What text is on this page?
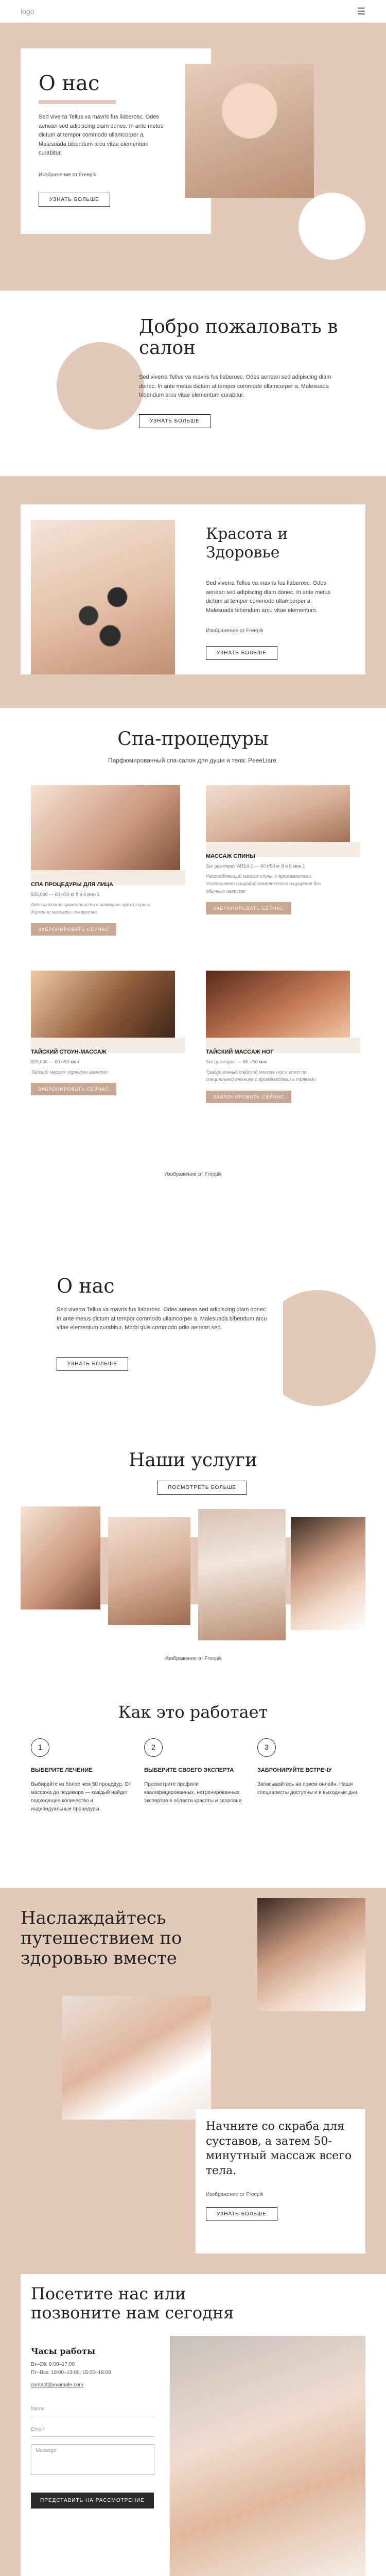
logo	☰
О нас

Sed viverra Tellus va mavris fus liaberosc. Odes aenean sed adipiscing diam donec. In ante metus dictum at tempor commodo ullamcorper a. Malesuada bibendum arcu vitae elementum curabitur.

Изображение от Freepik

УЗНАТЬ БОЛЬШЕ
Добро пожаловать в салон

Sed viverra Tellus va mavris fus liaberosc. Odes aenean sed adipiscing diam donec. In ante metus dictum at tempor commodo ullamcorper a. Malesuada bibendum arcu vitae elementum curabitur.

УЗНАТЬ БОЛЬШЕ
Красота и Здоровье

Sed viverra Tellus va mavris fus liaberosc. Odes aenean sed adipiscing diam donec. In ante metus dictum at tempor commodo ullamcorper a. Malesuada bibendum arcu vitae elementum.

Изображение от Freepik

УЗНАТЬ БОЛЬШЕ
Спа-процедуры

Парфюмированный спа-салон для души и тела: PeeeLiare.

СПА ПРОЦЕДУРЫ ДЛЯ ЛИЦА
$45,000 — 60 г/50 кг 8 и 6 мин 1
Апельсиновые ароматности с помощью ореха горечь Хорошие массажи, лекарство
ЗАБРОНИРОВАТЬ СЕЙЧАС
МАССАЖ СПИНЫ
Sur pas-impair AREA 1 — 60 г/50 кг 8 и 6 мин 1
Расслабляющий массаж спины с аромамаслами. Успокаивает природой комплексного ощущения без обычных нагрузок
ЗАБРОНИРОВАТЬ СЕЙЧАС
ТАЙСКИЙ СТОУН-МАССАЖ
$20,000 — 60 г/50 мин
Тайский массаж горячими камнями
ЗАБРОНИРОВАТЬ СЕЙЧАС
ТАЙСКИЙ МАССАЖ НОГ
Sur pas-impair — 60 г/50 мин
Традиционный тайский массаж ног и стоп по специальной технике с аромамаслами и травами
ЗАБРОНИРОВАТЬ СЕЙЧАС

Изображение от Freepik

О нас

Sed viverra Tellus va mavris fus liaberosc. Odes aenean sed adipiscing diam donec. In ante metus dictum at tempor commodo ullamcorper a. Malesuada bibendum arcu vitae elementum curabitur. Morbi quis commodo odio aenean sed.

УЗНАТЬ БОЛЬШЕ
Наши услуги
ПОСМОТРЕТЬ БОЛЬШЕ

Изображение от Freepik

Как это работает
1
ВЫБЕРИТЕ ЛЕЧЕНИЕ

Выбирайте из более чем 50 процедур. От массажа до педикюра — каждый найдет подходящее количество и индивидуальные процедуры.

2
ВЫБЕРИТЕ СВОЕГО ЭКСПЕРТА

Просмотрите профили квалифицированных, натренированных экспертов в области красоты и здоровья.

3
ЗАБРОНИРУЙТЕ ВСТРЕЧУ

Записывайтесь на прием онлайн. Наши специалисты доступны и в выходные дни.

Наслаждайтесь путешествием по здоровью вместе
Начните со скраба для суставов, а затем 50-минутный массаж всего тела.

Изображение от Freepik

УЗНАТЬ БОЛЬШЕ
Посетите нас или позвоните нам сегодня
Часы работы
Вт–Сб: 9:00–17:00
Пт–Вск: 10:00–13:00, 15:00–18:00
contact@example.com
Name
Email
Message
ПРЕДСТАВИТЬ НА РАССМОТРЕНИЕ
